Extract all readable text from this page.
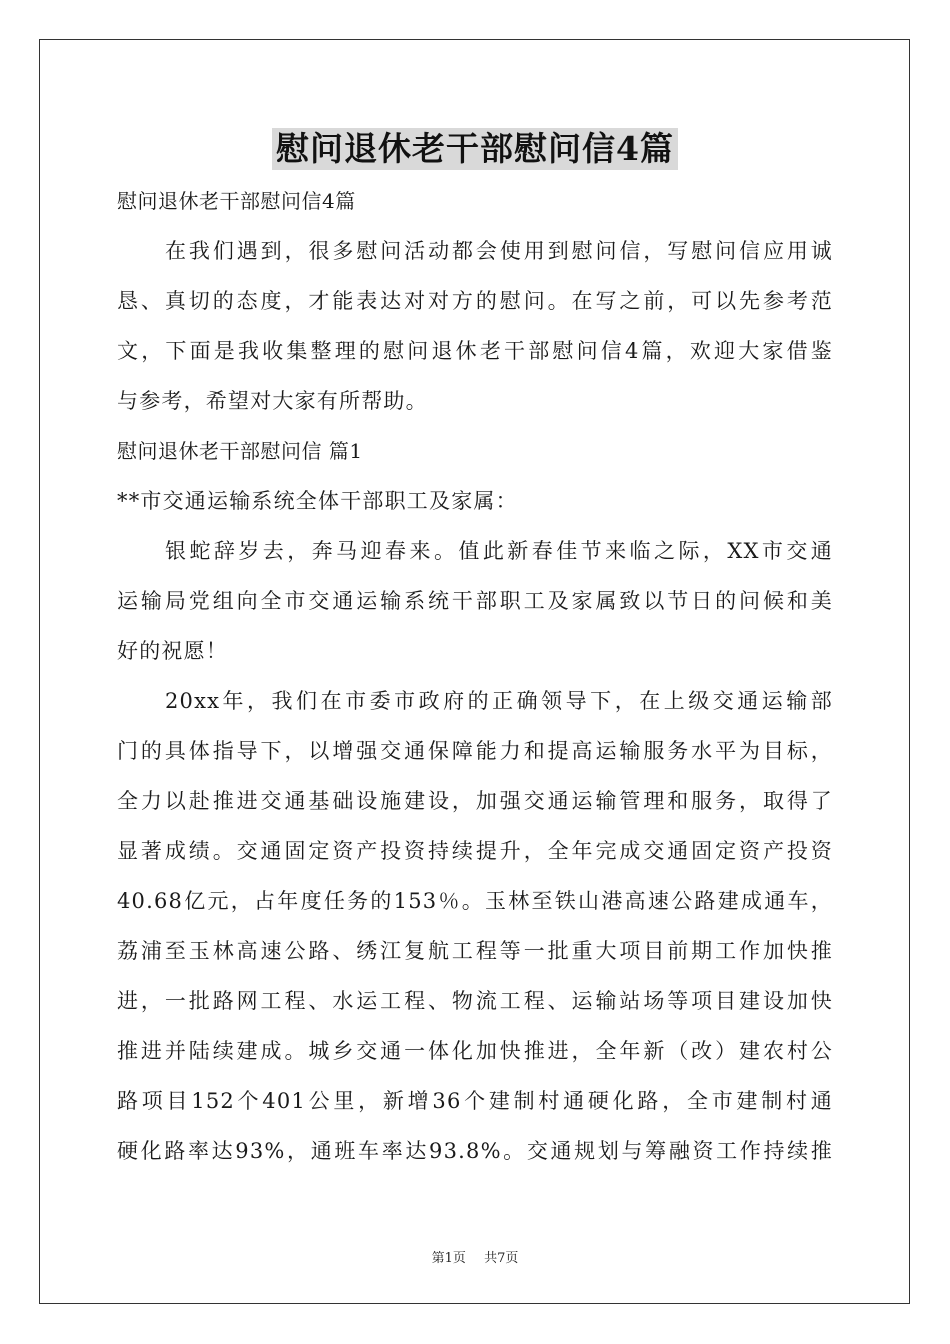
慰问退休老干部慰问信4篇
慰问退休老干部慰问信4篇
在我们遇到，很多慰问活动都会使用到慰问信，写慰问信应用诚
恳、真切的态度，才能表达对对方的慰问。在写之前，可以先参考范
文，下面是我收集整理的慰问退休老干部慰问信4篇，欢迎大家借鉴
与参考，希望对大家有所帮助。
慰问退休老干部慰问信 篇1
**市交通运输系统全体干部职工及家属：
银蛇辞岁去，奔马迎春来。值此新春佳节来临之际，XX市交通
运输局党组向全市交通运输系统干部职工及家属致以节日的问候和美
好的祝愿！
20xx年，我们在市委市政府的正确领导下，在上级交通运输部
门的具体指导下，以增强交通保障能力和提高运输服务水平为目标，
全力以赴推进交通基础设施建设，加强交通运输管理和服务，取得了
显著成绩。交通固定资产投资持续提升，全年完成交通固定资产投资
40.68亿元，占年度任务的153％。玉林至铁山港高速公路建成通车，
荔浦至玉林高速公路、绣江复航工程等一批重大项目前期工作加快推
进，一批路网工程、水运工程、物流工程、运输站场等项目建设加快
推进并陆续建成。城乡交通一体化加快推进，全年新（改）建农村公
路项目152个401公里，新增36个建制村通硬化路，全市建制村通
硬化路率达93%，通班车率达93.8%。交通规划与筹融资工作持续推
第1页 共7页
